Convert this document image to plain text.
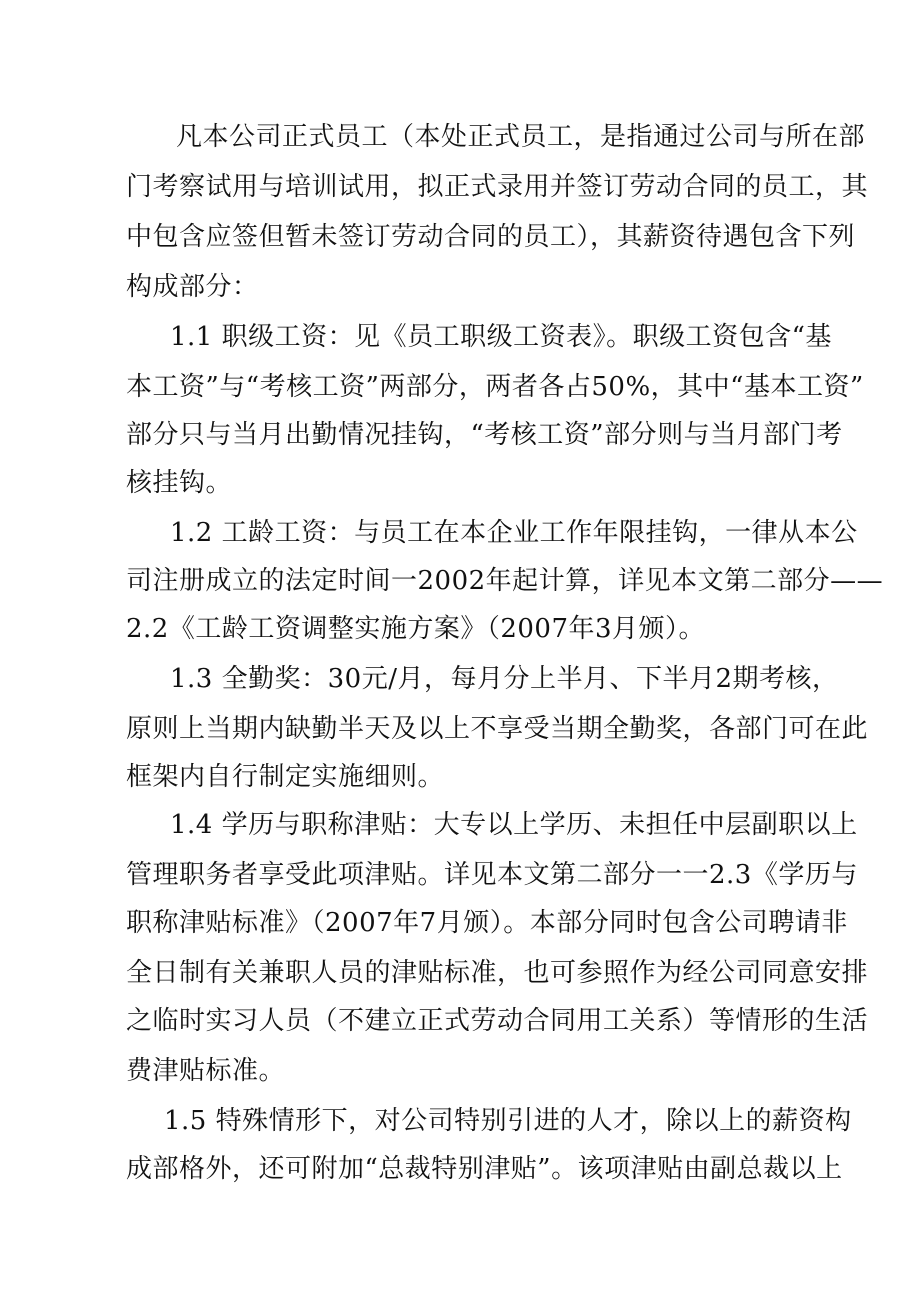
凡本公司正式员工（本处正式员工，是指通过公司与所在部
门考察试用与培训试用，拟正式录用并签订劳动合同的员工，其
中包含应签但暂未签订劳动合同的员工），其薪资待遇包含下列
构成部分：
1.1 职级工资：见《员工职级工资表》。职级工资包含“基
本工资”与“考核工资”两部分，两者各占50%，其中“基本工资”
部分只与当月出勤情况挂钩，“考核工资”部分则与当月部门考
核挂钩。
1.2 工龄工资：与员工在本企业工作年限挂钩，一律从本公
司注册成立的法定时间一2002年起计算，详见本文第二部分——
2.2《工龄工资调整实施方案》（2007年3月颁）。
1.3 全勤奖：30元/月，每月分上半月、下半月2期考核，
原则上当期内缺勤半天及以上不享受当期全勤奖，各部门可在此
框架内自行制定实施细则。
1.4 学历与职称津贴：大专以上学历、未担任中层副职以上
管理职务者享受此项津贴。详见本文第二部分一一2.3《学历与
职称津贴标准》（2007年7月颁）。本部分同时包含公司聘请非
全日制有关兼职人员的津贴标准，也可参照作为经公司同意安排
之临时实习人员（不建立正式劳动合同用工关系）等情形的生活
费津贴标准。
1.5 特殊情形下，对公司特别引进的人才，除以上的薪资构
成部格外，还可附加“总裁特别津贴”。该项津贴由副总裁以上
